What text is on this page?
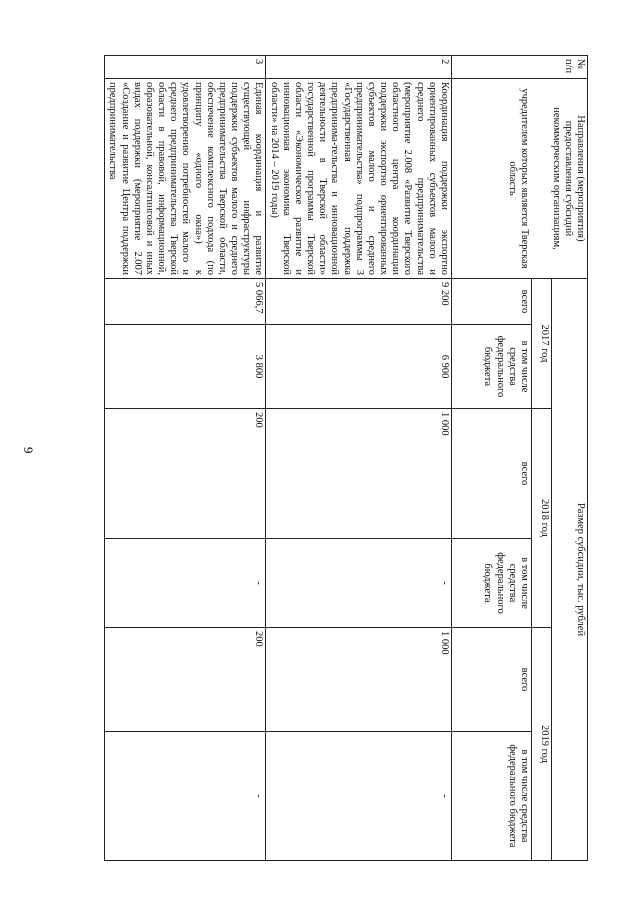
9
№
п/п	Направления (мероприятия)
предоставления субсидий
некоммерческим организациям,	Размер субсидии, тыс. рублей					
		2017 год		2018 год		2019 год	
	учредителем которых является Тверская область	всего	в том числе средства федерального бюджета	всего	в том числе средства федерального бюджета	всего	в том числе средства федерального бюджета
2	Координация поддержки экспортно ориентированных субъектов малого и среднего предпринимательства (мероприятие 2.008 «Развитие Тверского областного центра координации поддержки экспортно ориентированных субъектов малого и среднего предпринимательства» подпрограммы 3 «Государственная поддержка предпринима-тельства и инновационной деятельности в Тверской области» государственной программы Тверской области «Экономическое развитие и инновационная экономика Тверской области» на 2014 – 2019 годы)	9 200	6 900	1 000	-	1 000	-
3	Единая координация и развитие существующей инфраструктуры поддержки субъектов малого и среднего предпринимательства Тверской области, обеспечение комплексного подхода (по принципу «одного окна») к удовлетворению потребностей малого и среднего предпринимательства Тверской области в правовой, информационной, образовательной, консалтинговой и иных видах поддержки (мероприятие 2.007 «Создание и развитие Центра поддержки предпринимательства	5 066,7	3 800	200	-	200	-
